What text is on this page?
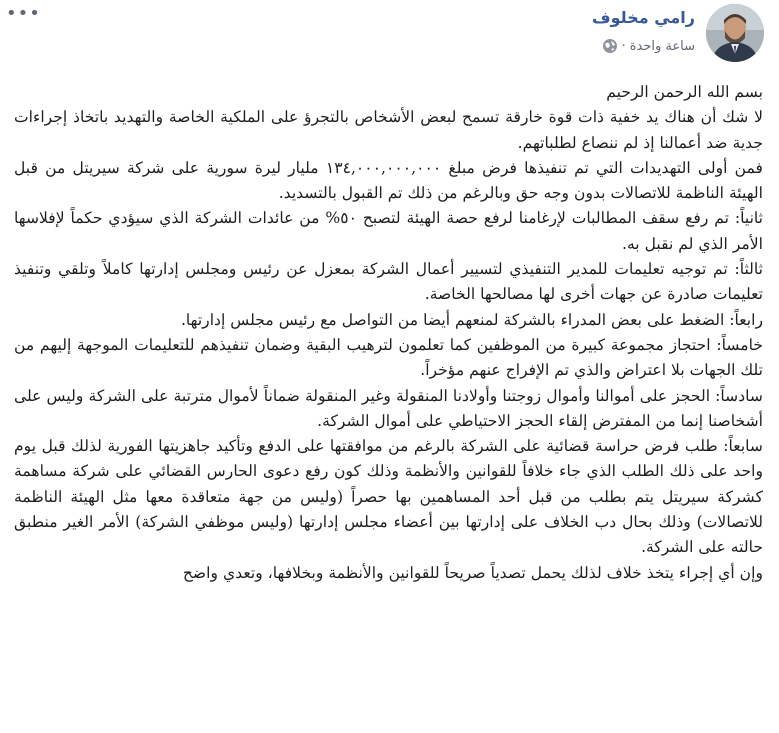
•••	رامي مخلوف
ساعة واحدة
·

بسم الله الرحمن الرحيم

لا شك أن هناك يد خفية ذات قوة خارقة تسمح لبعض الأشخاص بالتجرؤ على الملكية الخاصة والتهديد باتخاذ إجراءات جدية ضد أعمالنا إذ لم ننصاع لطلباتهم.

فمن أولى التهديدات التي تم تنفيذها فرض مبلغ ١٣٤,٠٠٠,٠٠٠,٠٠٠ مليار ليرة سورية على شركة سيريتل من قبل الهيئة الناظمة للاتصالات بدون وجه حق وبالرغم من ذلك تم القبول بالتسديد.

ثانياً: تم رفع سقف المطالبات لإرغامنا لرفع حصة الهيئة لتصبح ٥٠% من عائدات الشركة الذي سيؤدي حكماً لإفلاسها الأمر الذي لم نقبل به.

ثالثاً: تم توجيه تعليمات للمدير التنفيذي لتسيير أعمال الشركة بمعزل عن رئيس ومجلس إدارتها كاملاً وتلقي وتنفيذ تعليمات صادرة عن جهات أخرى لها مصالحها الخاصة.

رابعاً: الضغط على بعض المدراء بالشركة لمنعهم أيضا من التواصل مع رئيس مجلس إدارتها.

خامساً: احتجاز مجموعة كبيرة من الموظفين كما تعلمون لترهيب البقية وضمان تنفيذهم للتعليمات الموجهة إليهم من تلك الجهات بلا اعتراض والذي تم الإفراج عنهم مؤخراً.

سادساً: الحجز على أموالنا وأموال زوجتنا وأولادنا المنقولة وغير المنقولة ضماناً لأموال مترتبة على الشركة وليس على أشخاصنا إنما من المفترض إلقاء الحجز الاحتياطي على أموال الشركة.

سابعاً: طلب فرض حراسة قضائية على الشركة بالرغم من موافقتها على الدفع وتأكيد جاهزيتها الفورية لذلك قبل يوم واحد على ذلك الطلب الذي جاء خلافاً للقوانين والأنظمة وذلك كون رفع دعوى الحارس القضائي على شركة مساهمة كشركة سيريتل يتم بطلب من قبل أحد المساهمين بها حصراً (وليس من جهة متعاقدة معها مثل الهيئة الناظمة للاتصالات) وذلك بحال دب الخلاف على إدارتها بين أعضاء مجلس إدارتها (وليس موظفي الشركة) الأمر الغير منطبق حالته على الشركة.

وإن أي إجراء يتخذ خلاف لذلك يحمل تصدياً صريحاً للقوانين والأنظمة وبخلافها، وتعدي واضح
